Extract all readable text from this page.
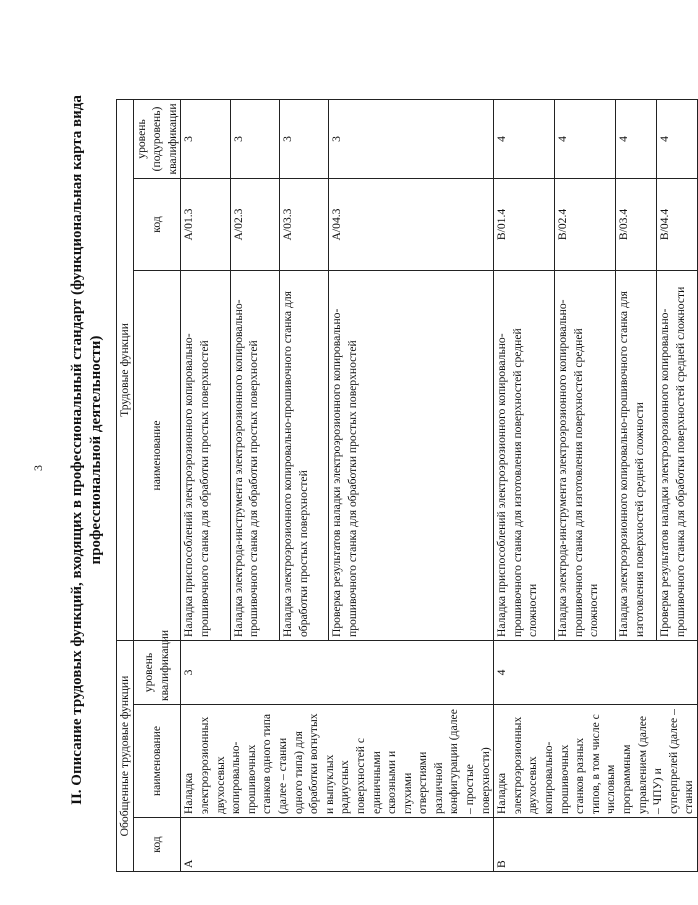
3 II. Описание трудовых функций, входящих в профессиональный стандарт (функциональная карта вида профессиональной деятельности)
Обобщенные трудовые функции			Трудовые функции		
код	наименование	уровень квалификации	наименование	код	уровень (подуровень) квалификации
А	Наладка электроэрозионных двухосевых копировально-прошивочных станков одного типа (далее – станки одного типа) для обработки вогнутых и выпуклых радиусных поверхностей с единичными сквозными и глухими отверстиями различной конфигурации (далее – простые поверхности)	3	Наладка приспособлений электроэрозионного копировально-прошивочного станка для обработки простых поверхностей	А/01.3	3
			Наладка электрода-инструмента электроэрозионного копировально-прошивочного станка для обработки простых поверхностей	А/02.3	3
			Наладка электроэрозионного копировально-прошивочного станка для обработки простых поверхностей	А/03.3	3
			Проверка результатов наладки электроэрозионного копировально-прошивочного станка для обработки простых поверхностей	А/04.3	3
В	Наладка электроэрозионных двухосевых копировально-прошивочных станков разных типов, в том числе с числовым программным управлением (далее – ЧПУ) и суперпрелей (далее – станки	4	Наладка приспособлений электроэрозионного копировально-прошивочного станка для изготовления поверхностей средней сложности	В/01.4	4
			Наладка электрода-инструмента электроэрозионного копировально-прошивочного станка для изготовления поверхностей средней сложности	В/02.4	4
			Наладка электроэрозионного копировально-прошивочного станка для изготовления поверхностей средней сложности	В/03.4	4
			Проверка результатов наладки электроэрозионного копировально-прошивочного станка для обработки поверхностей средней сложности	В/04.4	4
